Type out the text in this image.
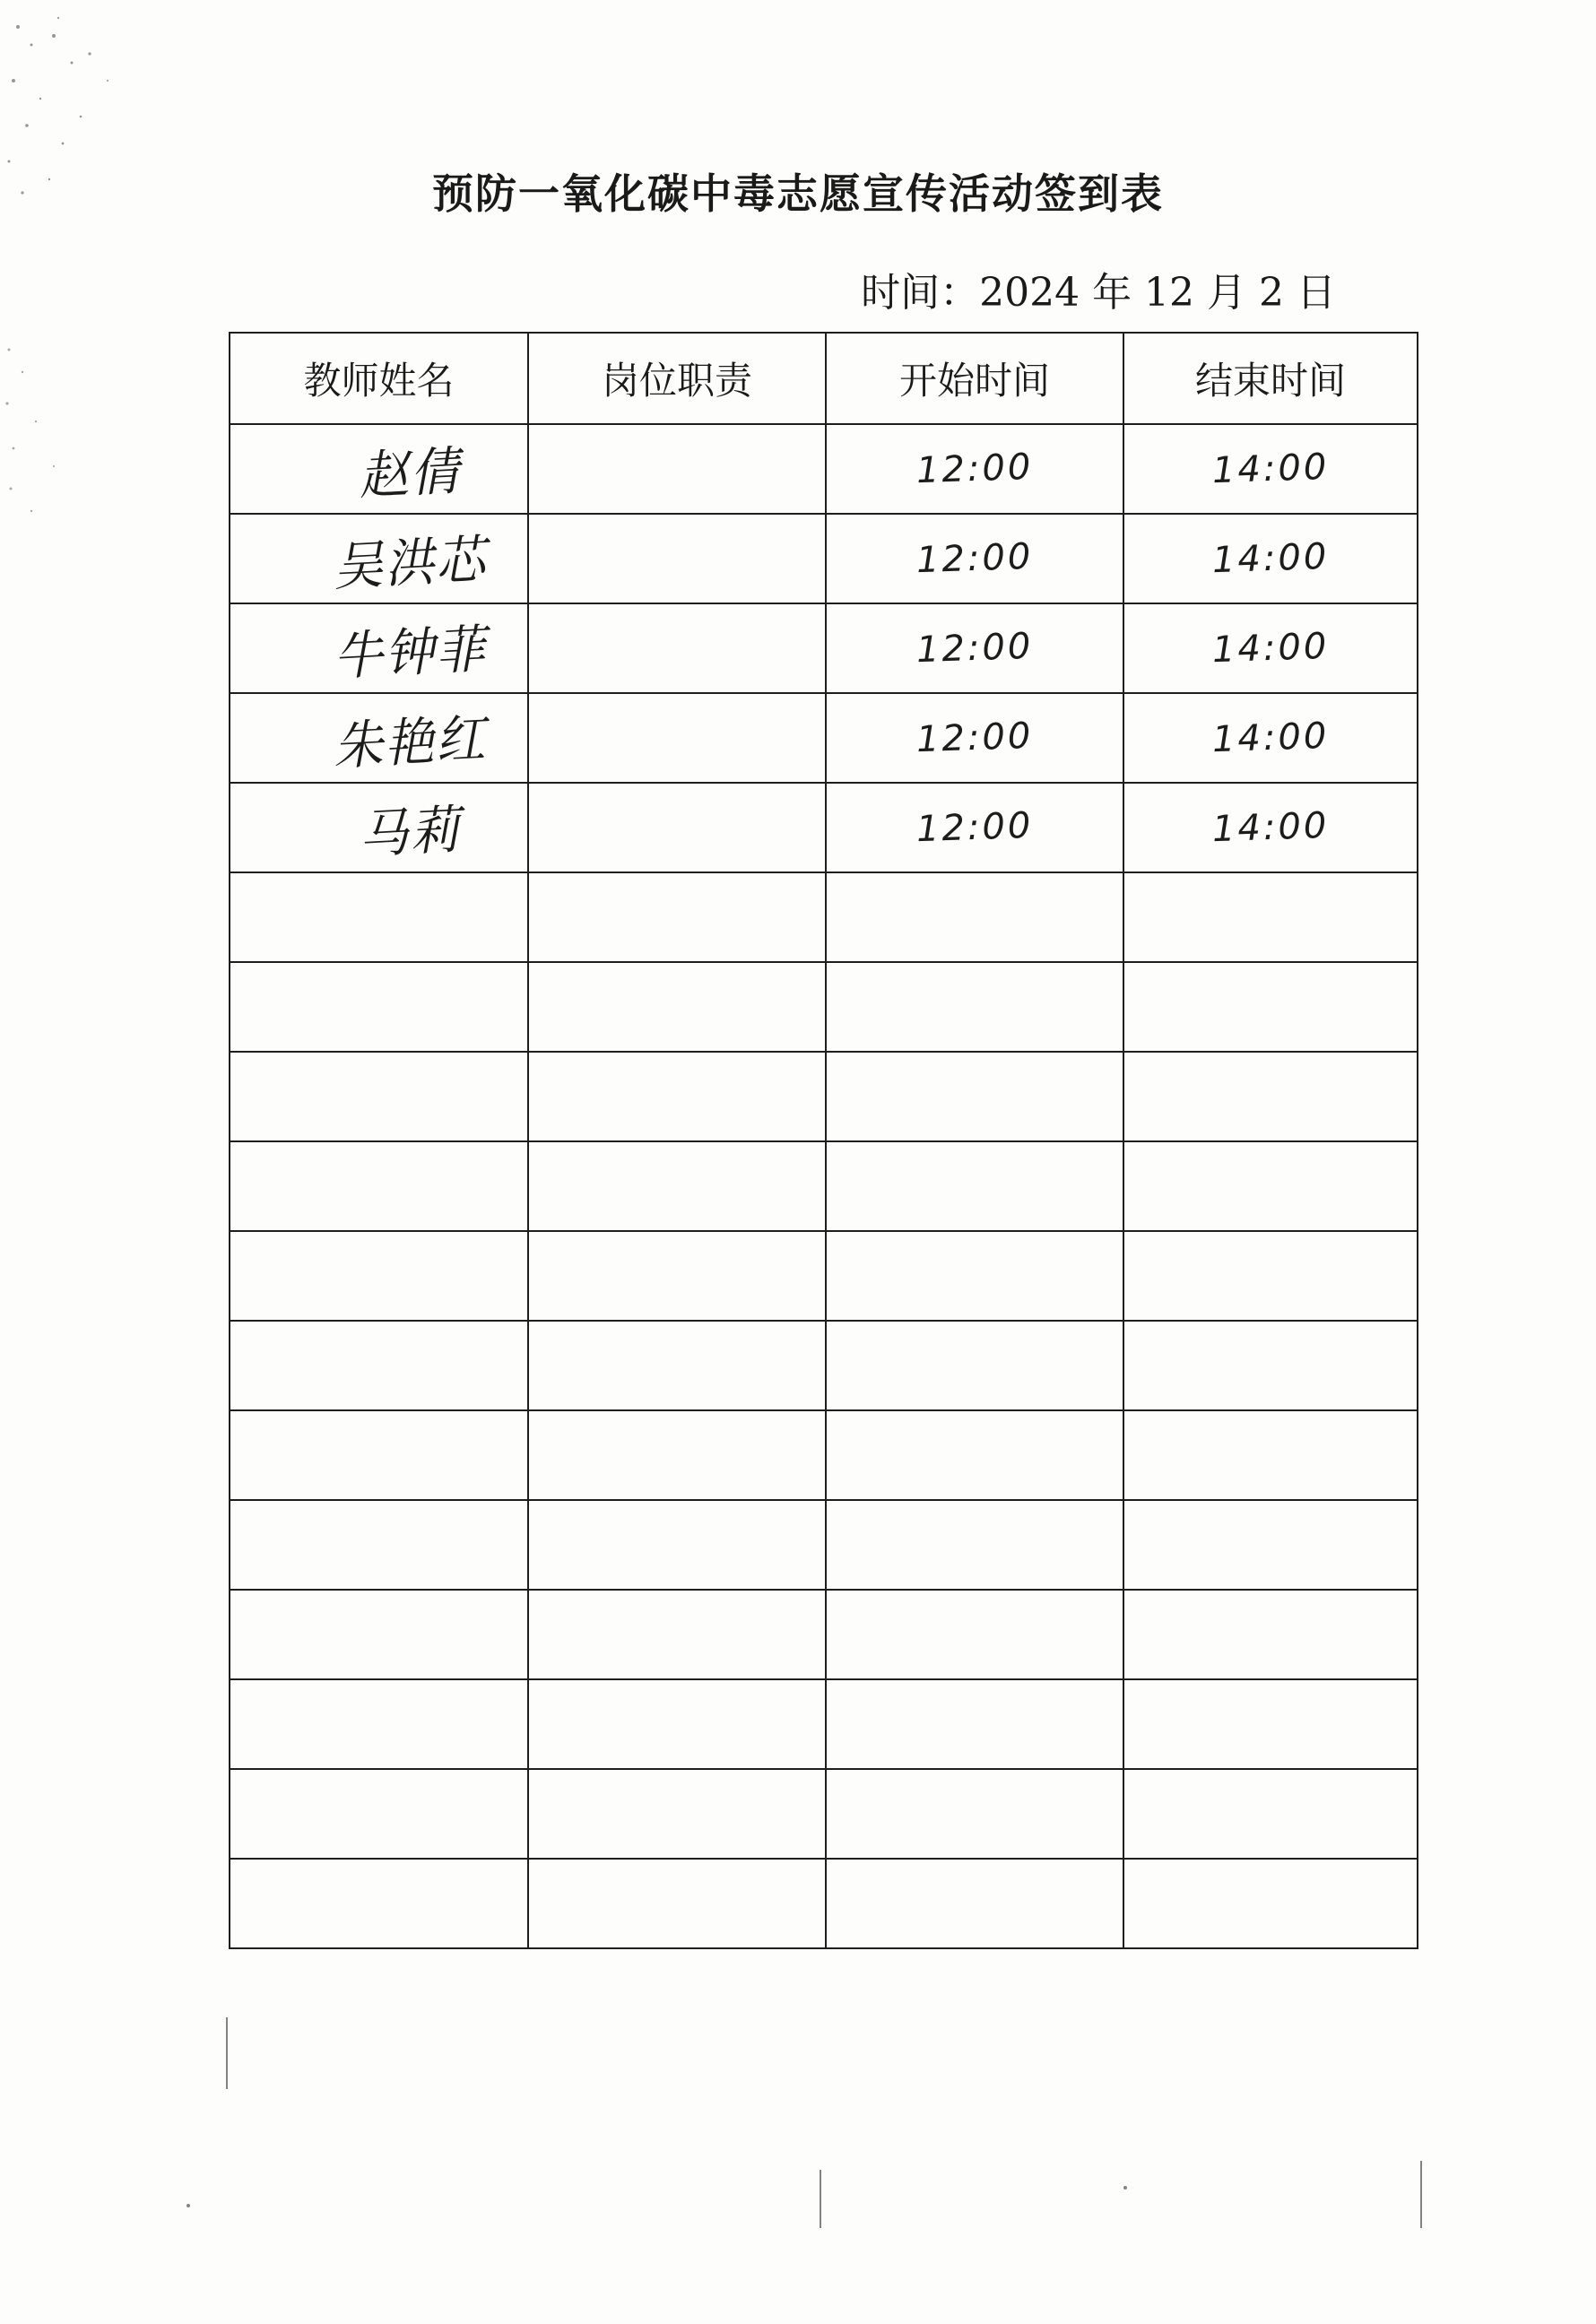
预防一氧化碳中毒志愿宣传活动签到表
时间：2024 年 12 月 2 日
教师姓名	岗位职责	开始时间	结束时间
赵倩		12:00	14:00
吴洪芯		12:00	14:00
牛钟菲		12:00	14:00
朱艳红		12:00	14:00
马莉		12:00	14:00
